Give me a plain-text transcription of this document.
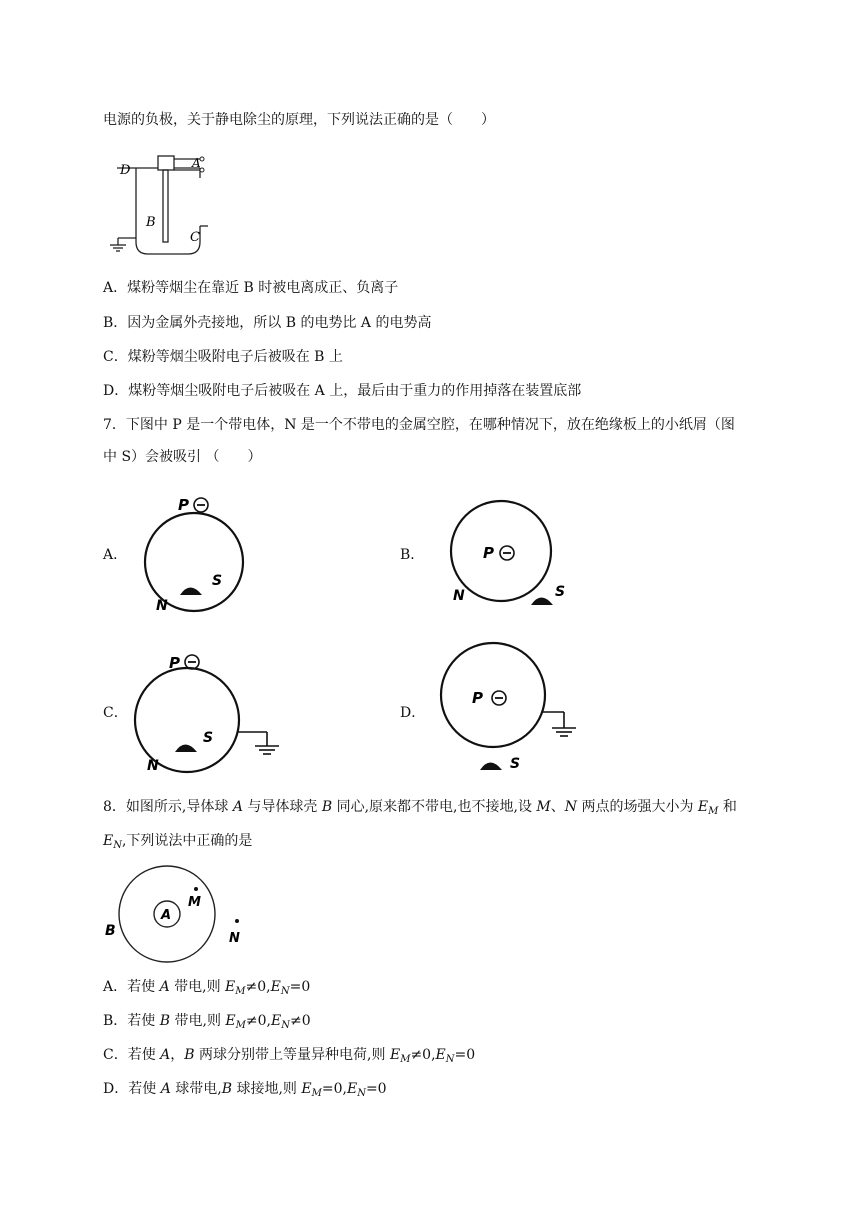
电源的负极，关于静电除尘的原理，下列说法正确的是（　　）
D	A
B
C
A．煤粉等烟尘在靠近 B 时被电离成正、负离子
B．因为金属外壳接地，所以 B 的电势比 A 的电势高
C．煤粉等烟尘吸附电子后被吸在 B 上
D．煤粉等烟尘吸附电子后被吸在 A 上，最后由于重力的作用掉落在装置底部
7．下图中 P 是一个带电体，N 是一个不带电的金属空腔，在哪种情况下，放在绝缘板上的小纸屑（图
中 S）会被吸引 （　　）
A．	B．
C．	D．
P
S
N
P
N	S
P
S
N
P
S
8．如图所示,导体球 A 与导体球壳 B 同心,原来都不带电,也不接地,设 M、N 两点的场强大小为 $E_M$ 和
$E_N$,下列说法中正确的是
A
M
B	N
A．若使 A 带电,则 $E_M\ne 0,E_N=0$
B．若使 B 带电,则 $E_M\ne 0,E_N\ne 0$
C．若使 A，B 两球分别带上等量异种电荷,则 $E_M\ne 0,E_N=0$
D．若使 A 球带电,B 球接地,则 $E_M=0,E_N=0$
